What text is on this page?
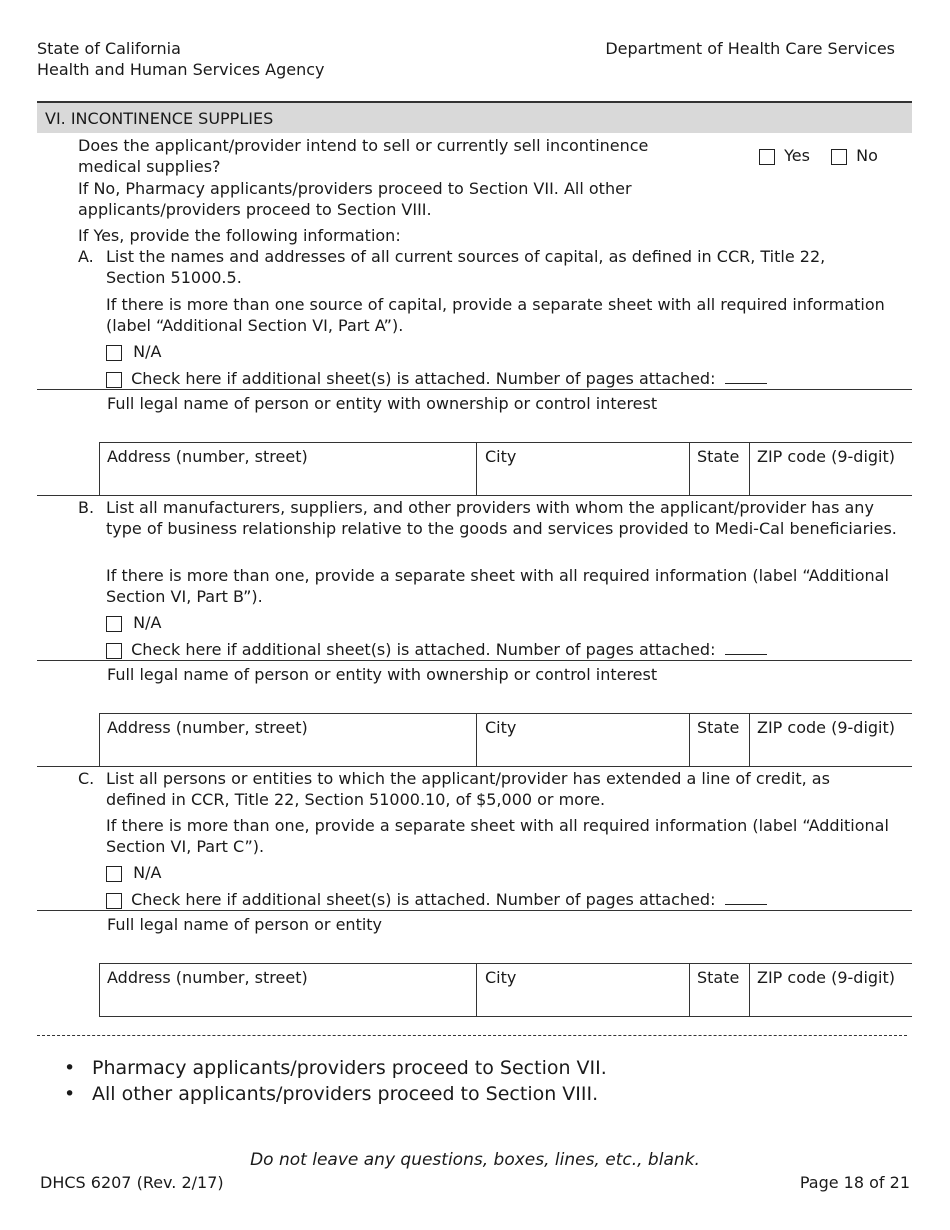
State of California
Health and Human Services Agency
Department of Health Care Services
VI. INCONTINENCE SUPPLIES
Does the applicant/provider intend to sell or currently sell incontinence medical supplies?
Yes	No
If No, Pharmacy applicants/providers proceed to Section VII. All other applicants/providers proceed to Section VIII.
If Yes, provide the following information:
A. List the names and addresses of all current sources of capital, as defined in CCR, Title 22, Section 51000.5.
If there is more than one source of capital, provide a separate sheet with all required information (label “Additional Section VI, Part A”).
N/A
Check here if additional sheet(s) is attached. Number of pages attached:
Full legal name of person or entity with ownership or control interest
Address (number, street)	City	State ZIP code (9-digit)
B. List all manufacturers, suppliers, and other providers with whom the applicant/provider has any type of business relationship relative to the goods and services provided to Medi-Cal beneficiaries.
If there is more than one, provide a separate sheet with all required information (label “Additional Section VI, Part B”).
N/A
Check here if additional sheet(s) is attached. Number of pages attached:
Full legal name of person or entity with ownership or control interest
Address (number, street)	City	State ZIP code (9-digit)
C. List all persons or entities to which the applicant/provider has extended a line of credit, as defined in CCR, Title 22, Section 51000.10, of $5,000 or more.
If there is more than one, provide a separate sheet with all required information (label “Additional Section VI, Part C”).
N/A
Check here if additional sheet(s) is attached. Number of pages attached:
Full legal name of person or entity
Address (number, street)	City	State ZIP code (9-digit)
• Pharmacy applicants/providers proceed to Section VII.
• All other applicants/providers proceed to Section VIII.
Do not leave any questions, boxes, lines, etc., blank.
DHCS 6207 (Rev. 2/17)	Page 18 of 21
